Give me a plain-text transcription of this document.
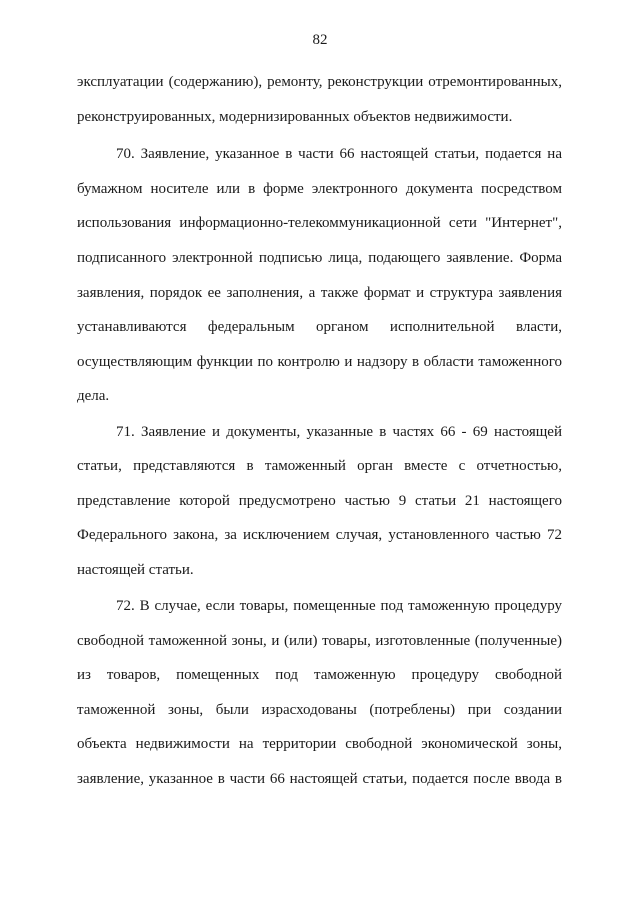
82
эксплуатации (содержанию), ремонту, реконструкции отремонтированных,
реконструированных, модернизированных объектов недвижимости.
70. Заявление, указанное в части 66 настоящей статьи, подается на
бумажном носителе или в форме электронного документа посредством
использования информационно-телекоммуникационной сети "Интернет",
подписанного электронной подписью лица, подающего заявление. Форма
заявления, порядок ее заполнения, а также формат и структура заявления
устанавливаются федеральным органом исполнительной власти,
осуществляющим функции по контролю и надзору в области таможенного
дела.
71. Заявление и документы, указанные в частях 66 - 69 настоящей
статьи, представляются в таможенный орган вместе с отчетностью,
представление которой предусмотрено частью 9 статьи 21 настоящего
Федерального закона, за исключением случая, установленного частью 72
настоящей статьи.
72. В случае, если товары, помещенные под таможенную процедуру
свободной таможенной зоны, и (или) товары, изготовленные (полученные)
из товаров, помещенных под таможенную процедуру свободной
таможенной зоны, были израсходованы (потреблены) при создании
объекта недвижимости на территории свободной экономической зоны,
заявление, указанное в части 66 настоящей статьи, подается после ввода в
